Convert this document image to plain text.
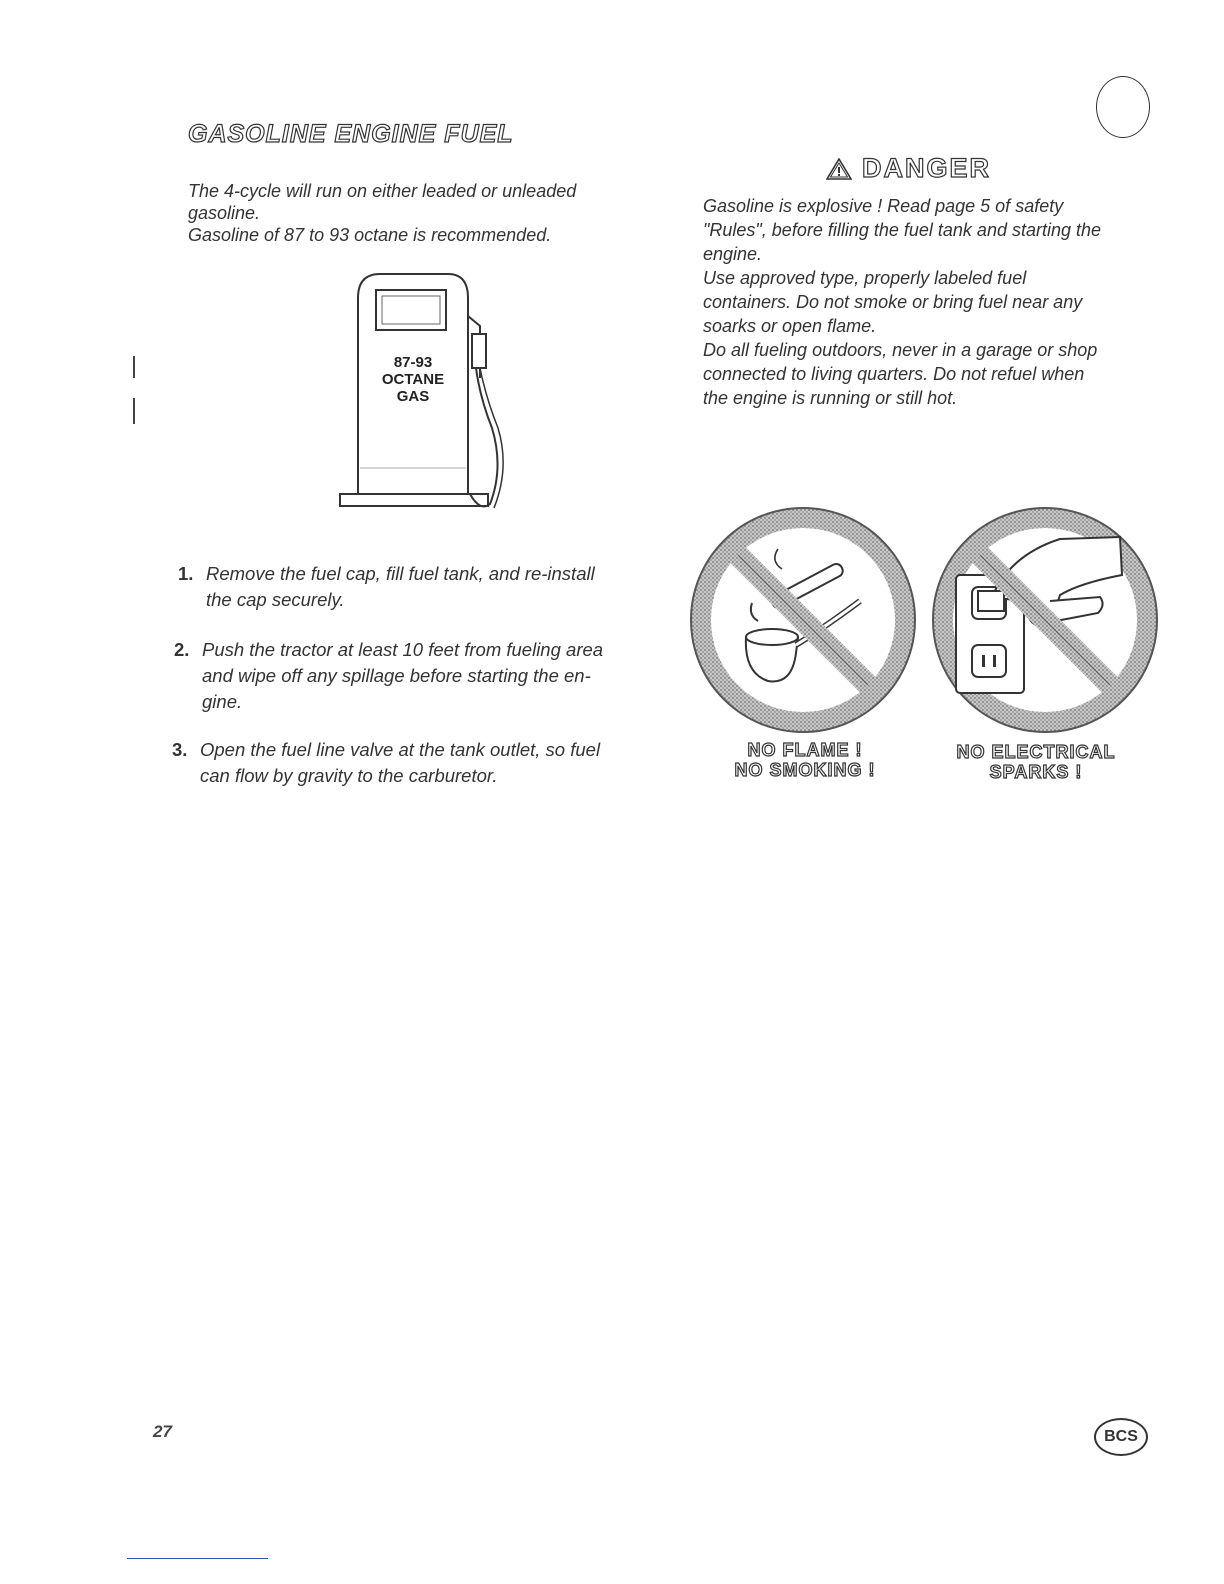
GASOLINE ENGINE FUEL

The 4-cycle will run on either leaded or unleaded

gasoline.

Gasoline of 87 to 93 octane is recommended.

87-93
OCTANE
GAS
DANGER

Gasoline is explosive ! Read page 5 of safety

"Rules", before filling the fuel tank and starting the

engine.

Use approved type, properly labeled fuel

containers. Do not smoke or bring fuel near any

soarks or open flame.

Do all fueling outdoors, never in a garage or shop

connected to living quarters. Do not refuel when

the engine is running or still hot.

1. Remove the fuel cap, fill fuel tank, and re-install
the cap securely.
2. Push the tractor at least 10 feet from fueling area
and wipe off any spillage before starting the en-
gine.
3. Open the fuel line valve at the tank outlet, so fuel
can flow by gravity to the carburetor.
NO FLAME !
NO SMOKING !
NO ELECTRICAL
SPARKS !
27	BCS
